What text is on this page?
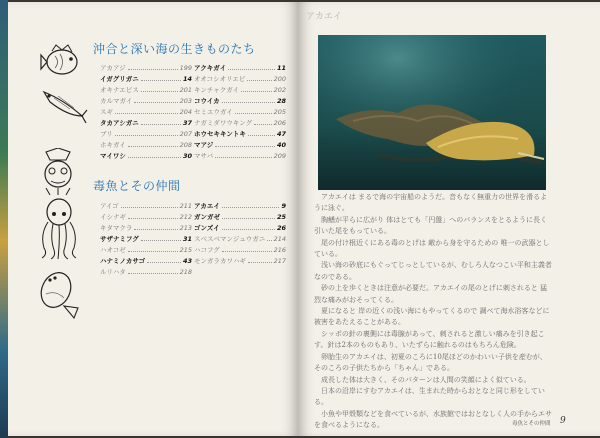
沖合と深い海の生きものたち
アカアジ	199
イガグリガニ	14
オキナエビス	201
カルマガイ	203
スギ	204
タカアシガニ	37
ブリ	207
ホキガイ	208
マイワシ	30
アクキガイ	11
オオコシオリエビ	200
キンチャクガイ	202
コウイカ	28
セミエウガイ	205
ナガミダワウキング	206
ホウセキキントキ	47
マアジ	40
マサバ	209
毒魚とその仲間
アイゴ	211
イシナギ	212
キタマクラ	213
サザナミフグ	31
ハオコゼ	215
ハナミノカサゴ	43
ルリハタ	218
アカエイ	9
ガンガゼ	25
ゴンズイ	26
スベスベマンジュウガニ 214
ハコフグ	216
モンガラカワハギ	217
アカエイ

アカエイは まるで海の宇宙船のようだ。音もなく無重力の世界を滑るように泳ぐ。

胸鰭が平らに広がり 体はとても「円盤」へのバランスをとるように長く引いた尾をもっている。

尾の付け根近くにある毒のとげは 敵から身を守るための 唯一の武器としている。

浅い海の砂底にもぐってじっとしているが、むしろ人なつこい平和主義者なのである。

砂の上を歩くときは注意が必要だ。アカエイの尾のとげに刺されると 猛烈な痛みがおそってくる。

夏になると 岸の近くの浅い海にもやってくるので 調べて海水浴客などに被害をあたえることがある。

シッポの針の裏側には毒腺があって、刺されると激しい痛みを引き起こす。針は2本のものもあり、いたずらに触れるのはもちろん危険。

卵胎生のアカエイは、初夏のころに10尾ほどのかわいい子供を産むが、そのころの子供たちから「ちゃん」である。

成長した体は大きく、そのパターンは人間の笑顔によく似ている。

日本の沿岸にすむアカエイは、生まれた時からおとなと同じ形をしている。

小魚や甲殻類などを食べているが、水族館ではおとなしく人の手からエサを食べるようになる。	毒魚とその仲間 9
